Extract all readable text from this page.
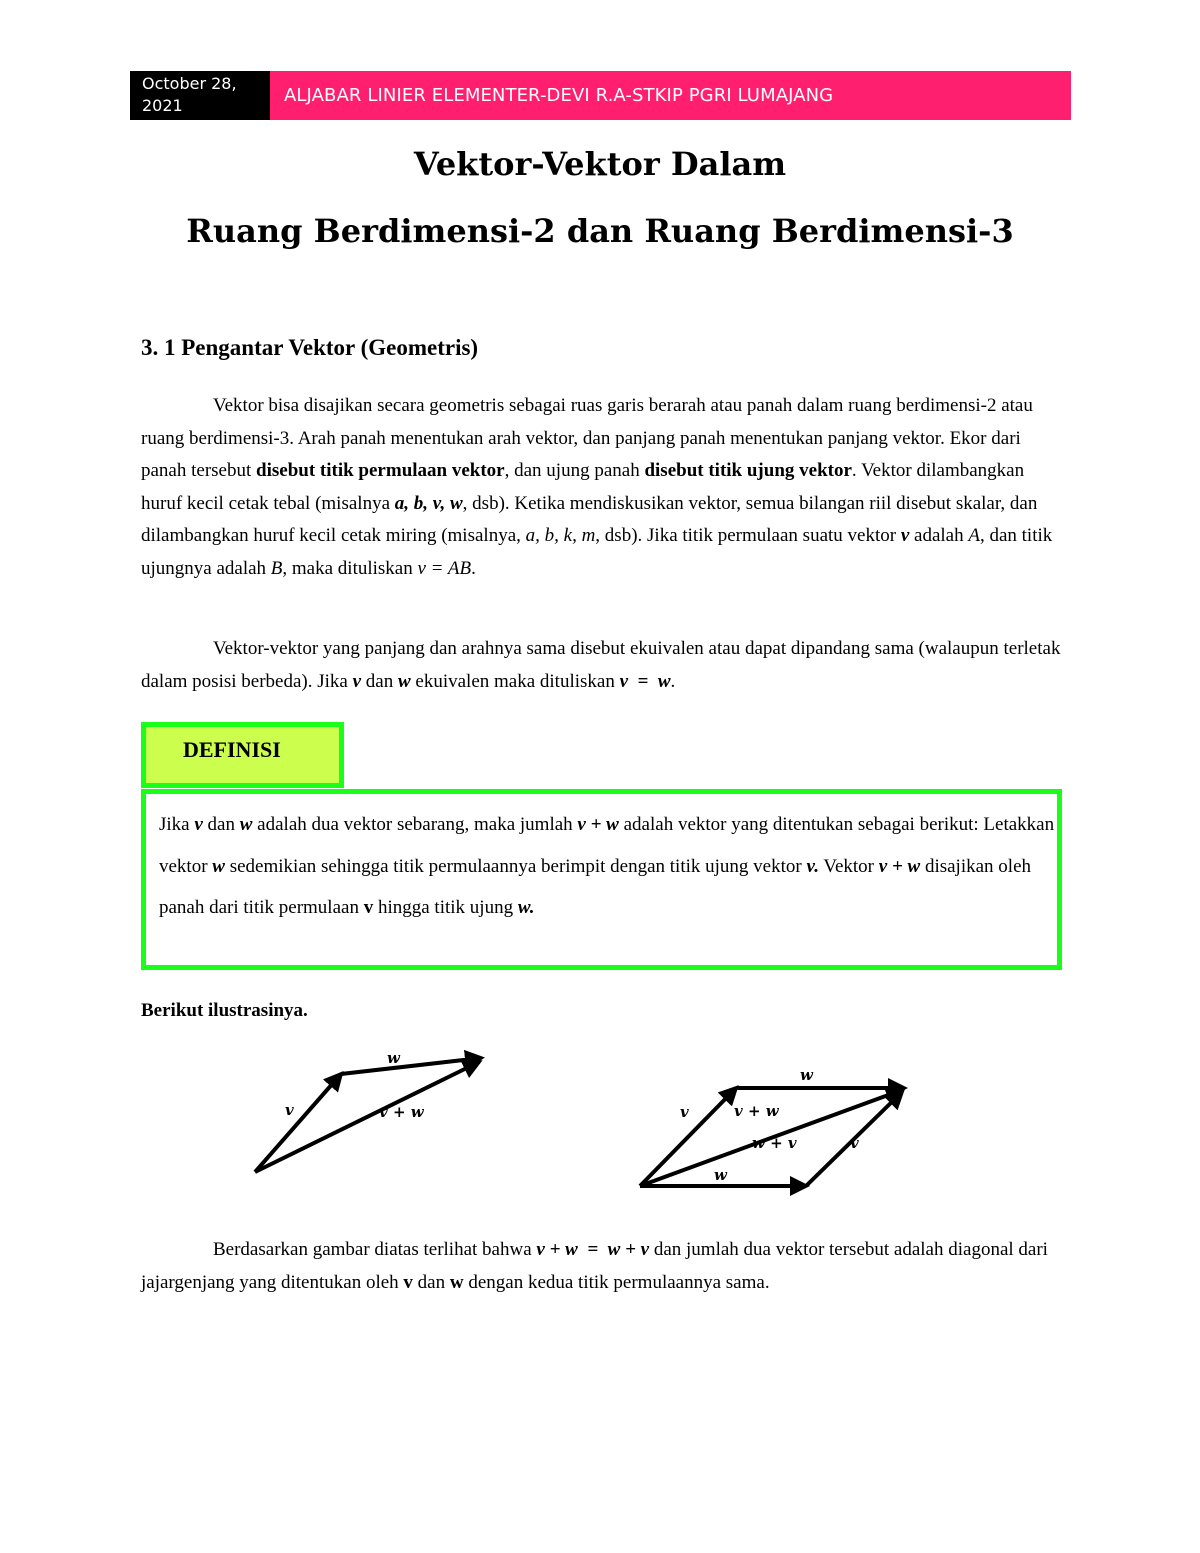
October 28, 2021	ALJABAR LINIER ELEMENTER-DEVI R.A-STKIP PGRI LUMAJANG
Vektor-Vektor Dalam
Ruang Berdimensi-2 dan Ruang Berdimensi-3
3. 1 Pengantar Vektor (Geometris)
Vektor bisa disajikan secara geometris sebagai ruas garis berarah atau panah dalam ruang berdimensi-2 atau ruang berdimensi-3. Arah panah menentukan arah vektor, dan panjang panah menentukan panjang vektor. Ekor dari panah tersebut disebut titik permulaan vektor, dan ujung panah disebut titik ujung vektor. Vektor dilambangkan huruf kecil cetak tebal (misalnya a, b, v, w, dsb). Ketika mendiskusikan vektor, semua bilangan riil disebut skalar, dan dilambangkan huruf kecil cetak miring (misalnya, a, b, k, m, dsb). Jika titik permulaan suatu vektor v adalah A, dan titik ujungnya adalah B, maka dituliskan v = AB.
Vektor-vektor yang panjang dan arahnya sama disebut ekuivalen atau dapat dipandang sama (walaupun terletak dalam posisi berbeda). Jika v dan w ekuivalen maka dituliskan v  =  w.
DEFINISI
Jika v dan w adalah dua vektor sebarang, maka jumlah v + w adalah vektor yang ditentukan sebagai berikut: Letakkan vektor w sedemikian sehingga titik permulaannya berimpit dengan titik ujung vektor v. Vektor v + w disajikan oleh panah dari titik permulaan v hingga titik ujung w.
Berikut ilustrasinya.
w
v	v + w
w
v	v + w
w + v	v
w
Berdasarkan gambar diatas terlihat bahwa v + w  =  w + v dan jumlah dua vektor tersebut adalah diagonal dari jajargenjang yang ditentukan oleh v dan w dengan kedua titik permulaannya sama.
